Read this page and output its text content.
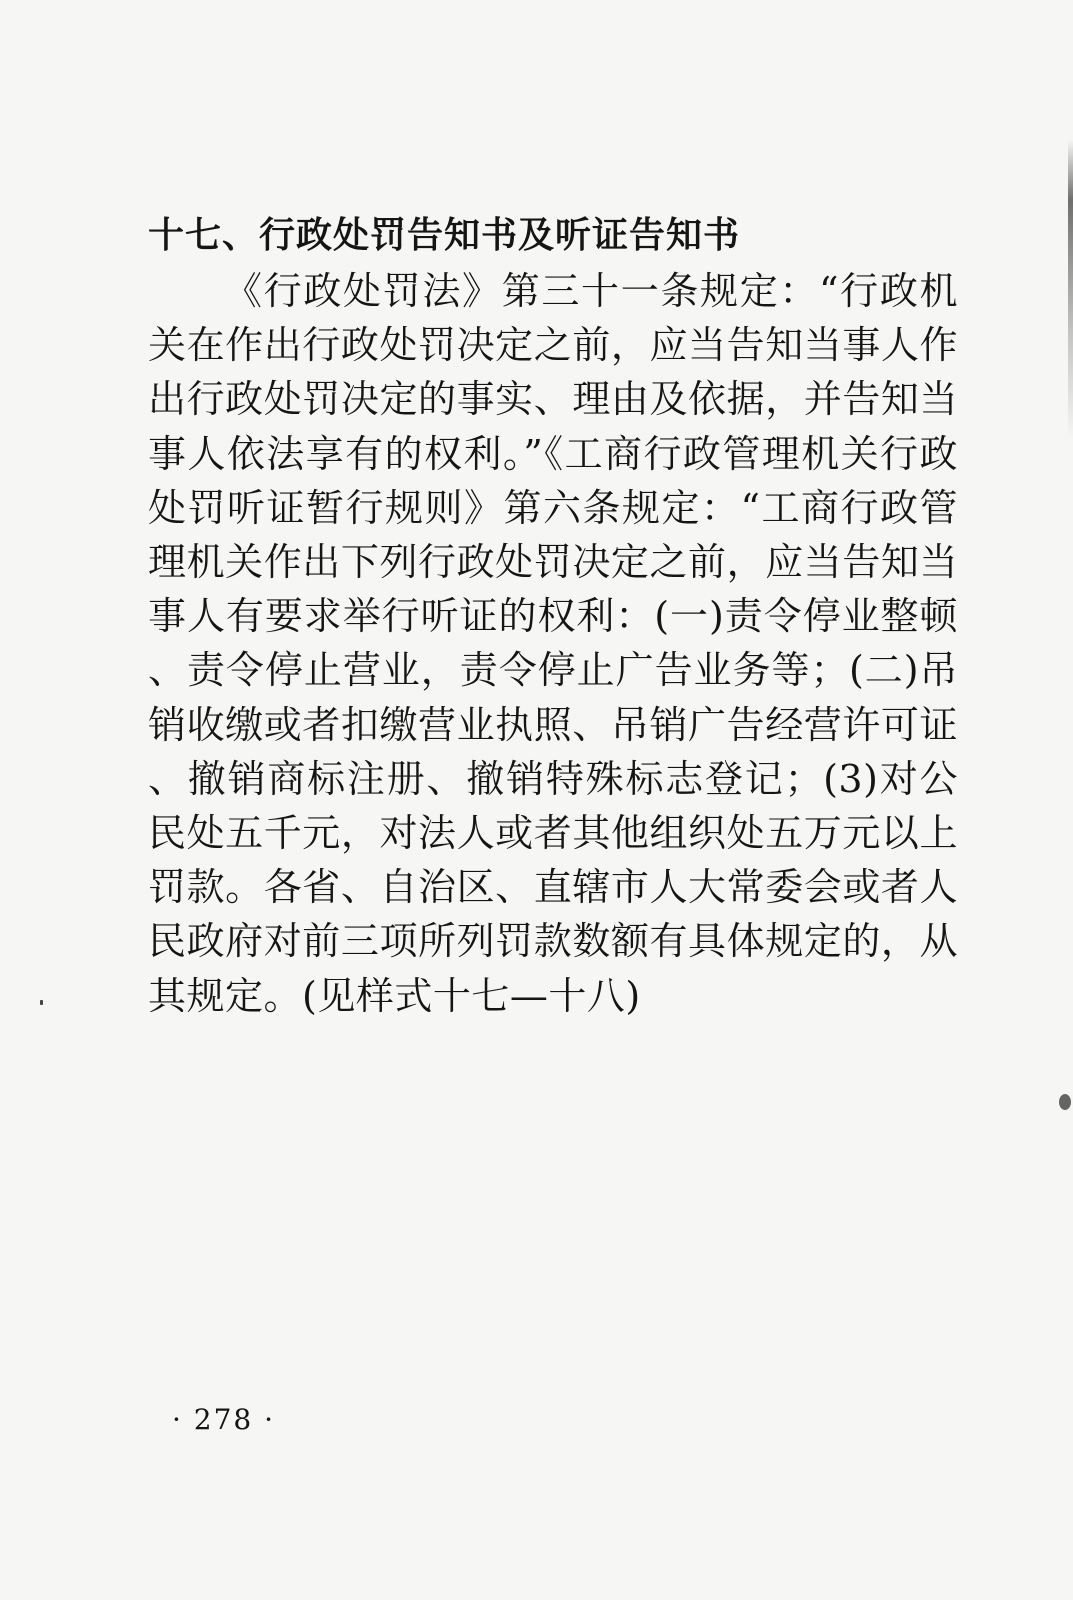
十七、行政处罚告知书及听证告知书

《行政处罚法》第三十一条规定：“行政机关在作出行政处罚决定之前，应当告知当事人作出行政处罚决定的事实、理由及依据，并告知当事人依法享有的权利。”《工商行政管理机关行政处罚听证暂行规则》第六条规定：“工商行政管理机关作出下列行政处罚决定之前，应当告知当事人有要求举行听证的权利：(一)责令停业整顿、责令停止营业，责令停止广告业务等；(二)吊销收缴或者扣缴营业执照、吊销广告经营许可证、撤销商标注册、撤销特殊标志登记；(3)对公民处五千元，对法人或者其他组织处五万元以上罚款。各省、自治区、直辖市人大常委会或者人民政府对前三项所列罚款数额有具体规定的，从其规定。(见样式十七—十八)

· 278 ·
